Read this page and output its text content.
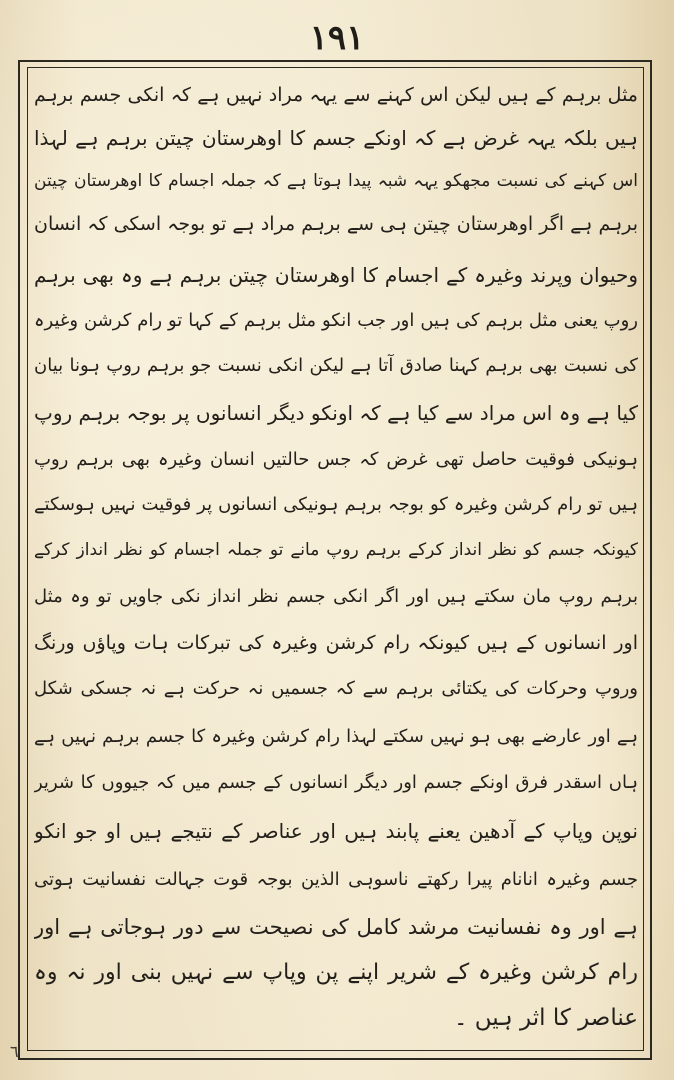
۱۹۱
مثل برہم کے ہیں لیکن اس کہنے سے یہہ مراد نہیں ہے کہ انکی جسم برہم
ہیں بلکہ یہہ غرض ہے کہ اونکے جسم کا اوھرستان چیتن برہم ہے لہذا
اس کہنے کی نسبت مجھکو یہہ شبہ پیدا ہوتا ہے کہ جملہ اجسام کا اوھرستان چیتن
برہم ہے اگر اوھرستان چیتن ہی سے برہم مراد ہے تو بوجہ اسکی کہ انسان
وحیوان وپرند وغیرہ کے اجسام کا اوھرستان چیتن برہم ہے وہ بھی برہم
روپ یعنی مثل برہم کی ہیں اور جب انکو مثل برہم کے کہا تو رام کرشن وغیرہ
کی نسبت بھی برہم کہنا صادق آتا ہے لیکن انکی نسبت جو برہم روپ ہونا بیان
کیا ہے وہ اس مراد سے کیا ہے کہ اونکو دیگر انسانوں پر بوجہ برہم روپ
ہونیکی فوقیت حاصل تھی غرض کہ جس حالتیں انسان وغیرہ بھی برہم روپ
ہیں تو رام کرشن وغیرہ کو بوجہ برہم ہونیکی انسانوں پر فوقیت نہیں ہوسکتے
کیونکہ جسم کو نظر انداز کرکے برہم روپ مانے تو جملہ اجسام کو نظر انداز کرکے
برہم روپ مان سکتے ہیں اور اگر انکی جسم نظر انداز نکی جاویں تو وہ مثل
اور انسانوں کے ہیں کیونکہ رام کرشن وغیرہ کی تبرکات ہات وپاؤں ورنگ
وروپ وحرکات کی یکتائی برہم سے کہ جسمیں نہ حرکت ہے نہ جسکی شکل
ہے اور عارضے بھی ہو نہیں سکتے لہذا رام کرشن وغیرہ کا جسم برہم نہیں ہے
ہاں اسقدر فرق اونکے جسم اور دیگر انسانوں کے جسم میں کہ جیووں کا شریر
نوپن وپاپ کے آدھین یعنے پابند ہیں اور عناصر کے نتیجے ہیں او جو انکو
جسم وغیرہ انانام پیرا رکھتے ناسوہی الذین بوجہ قوت جہالت نفسانیت ہوتی
ہے اور وہ نفسانیت مرشد کامل کی نصیحت سے دور ہوجاتی ہے اور
رام کرشن وغیرہ کے شریر اپنے پن وپاپ سے نہیں بنی اور نہ وہ
عناصر کا اثر ہیں ۔
٦
